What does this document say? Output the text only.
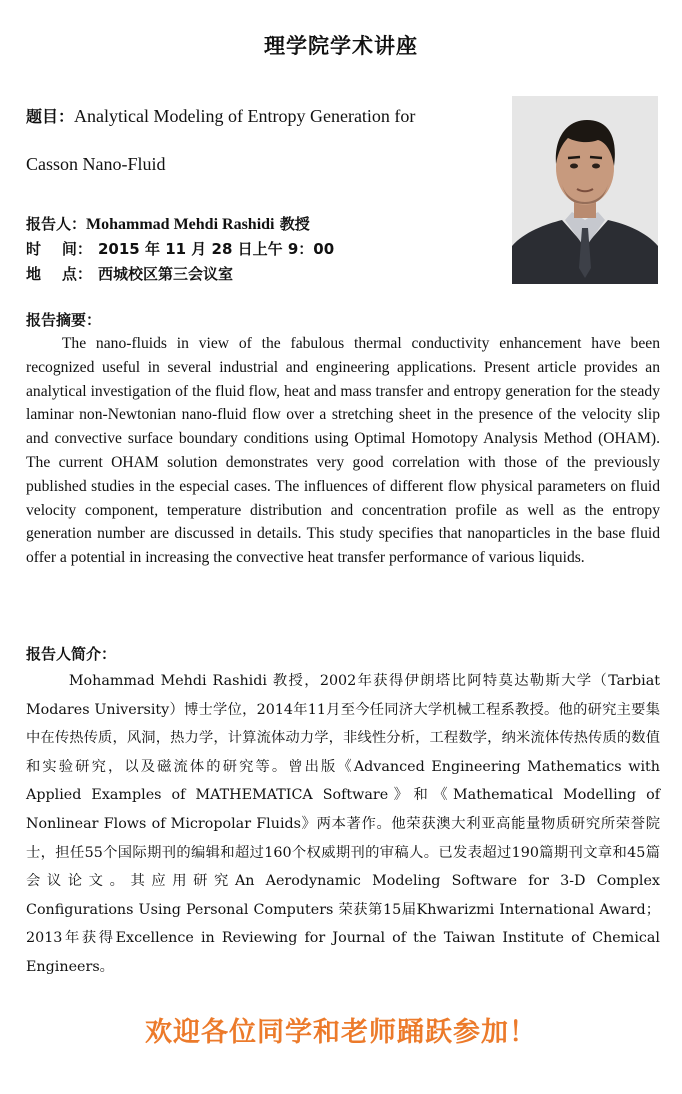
理学院学术讲座
题目：Analytical Modeling of Entropy Generation for
Casson Nano-Fluid
报告人：Mohammad Mehdi Rashidi 教授
时    间： 2015 年 11 月 28 日上午 9：00
地    点： 西城校区第三会议室
报告摘要：

The nano-fluids in view of the fabulous thermal conductivity enhancement have been recognized useful in several industrial and engineering applications. Present article provides an analytical investigation of the fluid flow, heat and mass transfer and entropy generation for the steady laminar non-Newtonian nano-fluid flow over a stretching sheet in the presence of the velocity slip and convective surface boundary conditions using Optimal Homotopy Analysis Method (OHAM). The current OHAM solution demonstrates very good correlation with those of the previously published studies in the especial cases. The influences of different flow physical parameters on fluid velocity component, temperature distribution and concentration profile as well as the entropy generation number are discussed in details. This study specifies that nanoparticles in the base fluid offer a potential in increasing the convective heat transfer performance of various liquids.

报告人简介：

Mohammad Mehdi Rashidi 教授，2002年获得伊朗塔比阿特莫达勒斯大学（Tarbiat Modares University）博士学位，2014年11月至今任同济大学机械工程系教授。他的研究主要集中在传热传质，风洞，热力学，计算流体动力学，非线性分析，工程数学，纳米流体传热传质的数值和实验研究，以及磁流体的研究等。曾出版《Advanced Engineering Mathematics with Applied Examples of MATHEMATICA Software》和《Mathematical Modelling of Nonlinear Flows of Micropolar Fluids》两本著作。他荣获澳大利亚高能量物质研究所荣誉院士，担任55个国际期刊的编辑和超过160个权威期刊的审稿人。已发表超过190篇期刊文章和45篇会议论文。其应用研究An Aerodynamic Modeling Software for 3-D Complex Configurations Using Personal Computers 荣获第15届Khwarizmi International Award；2013年获得Excellence in Reviewing for Journal of the Taiwan Institute of Chemical Engineers。

欢迎各位同学和老师踊跃参加！
